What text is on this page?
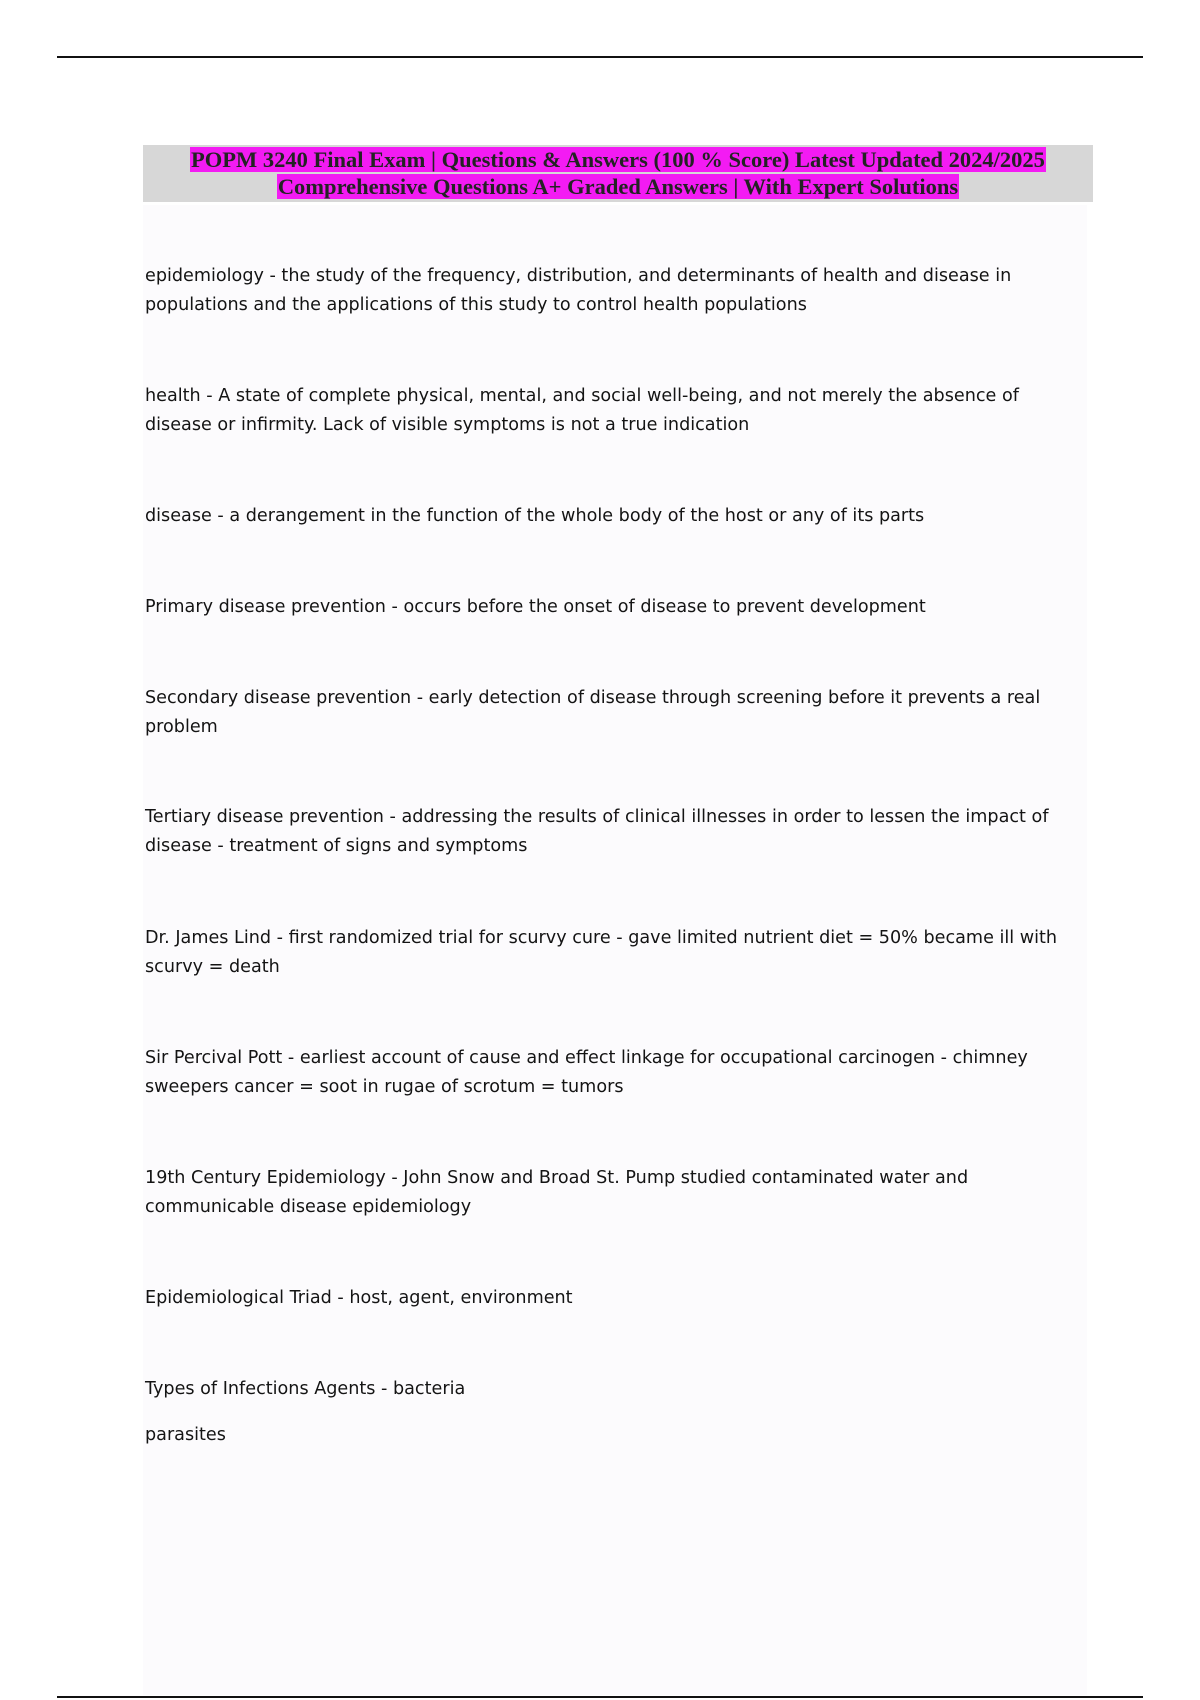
POPM 3240 Final Exam | Questions & Answers (100 % Score) Latest Updated 2024/2025
Comprehensive Questions A+ Graded Answers | With Expert Solutions
epidemiology - the study of the frequency, distribution, and determinants of health and disease in
populations and the applications of this study to control health populations
health - A state of complete physical, mental, and social well-being, and not merely the absence of
disease or infirmity. Lack of visible symptoms is not a true indication
disease - a derangement in the function of the whole body of the host or any of its parts
Primary disease prevention - occurs before the onset of disease to prevent development
Secondary disease prevention - early detection of disease through screening before it prevents a real
problem
Tertiary disease prevention - addressing the results of clinical illnesses in order to lessen the impact of
disease - treatment of signs and symptoms
Dr. James Lind - first randomized trial for scurvy cure - gave limited nutrient diet = 50% became ill with
scurvy = death
Sir Percival Pott - earliest account of cause and effect linkage for occupational carcinogen - chimney
sweepers cancer = soot in rugae of scrotum = tumors
19th Century Epidemiology - John Snow and Broad St. Pump studied contaminated water and
communicable disease epidemiology
Epidemiological Triad - host, agent, environment
Types of Infections Agents - bacteria
parasites
